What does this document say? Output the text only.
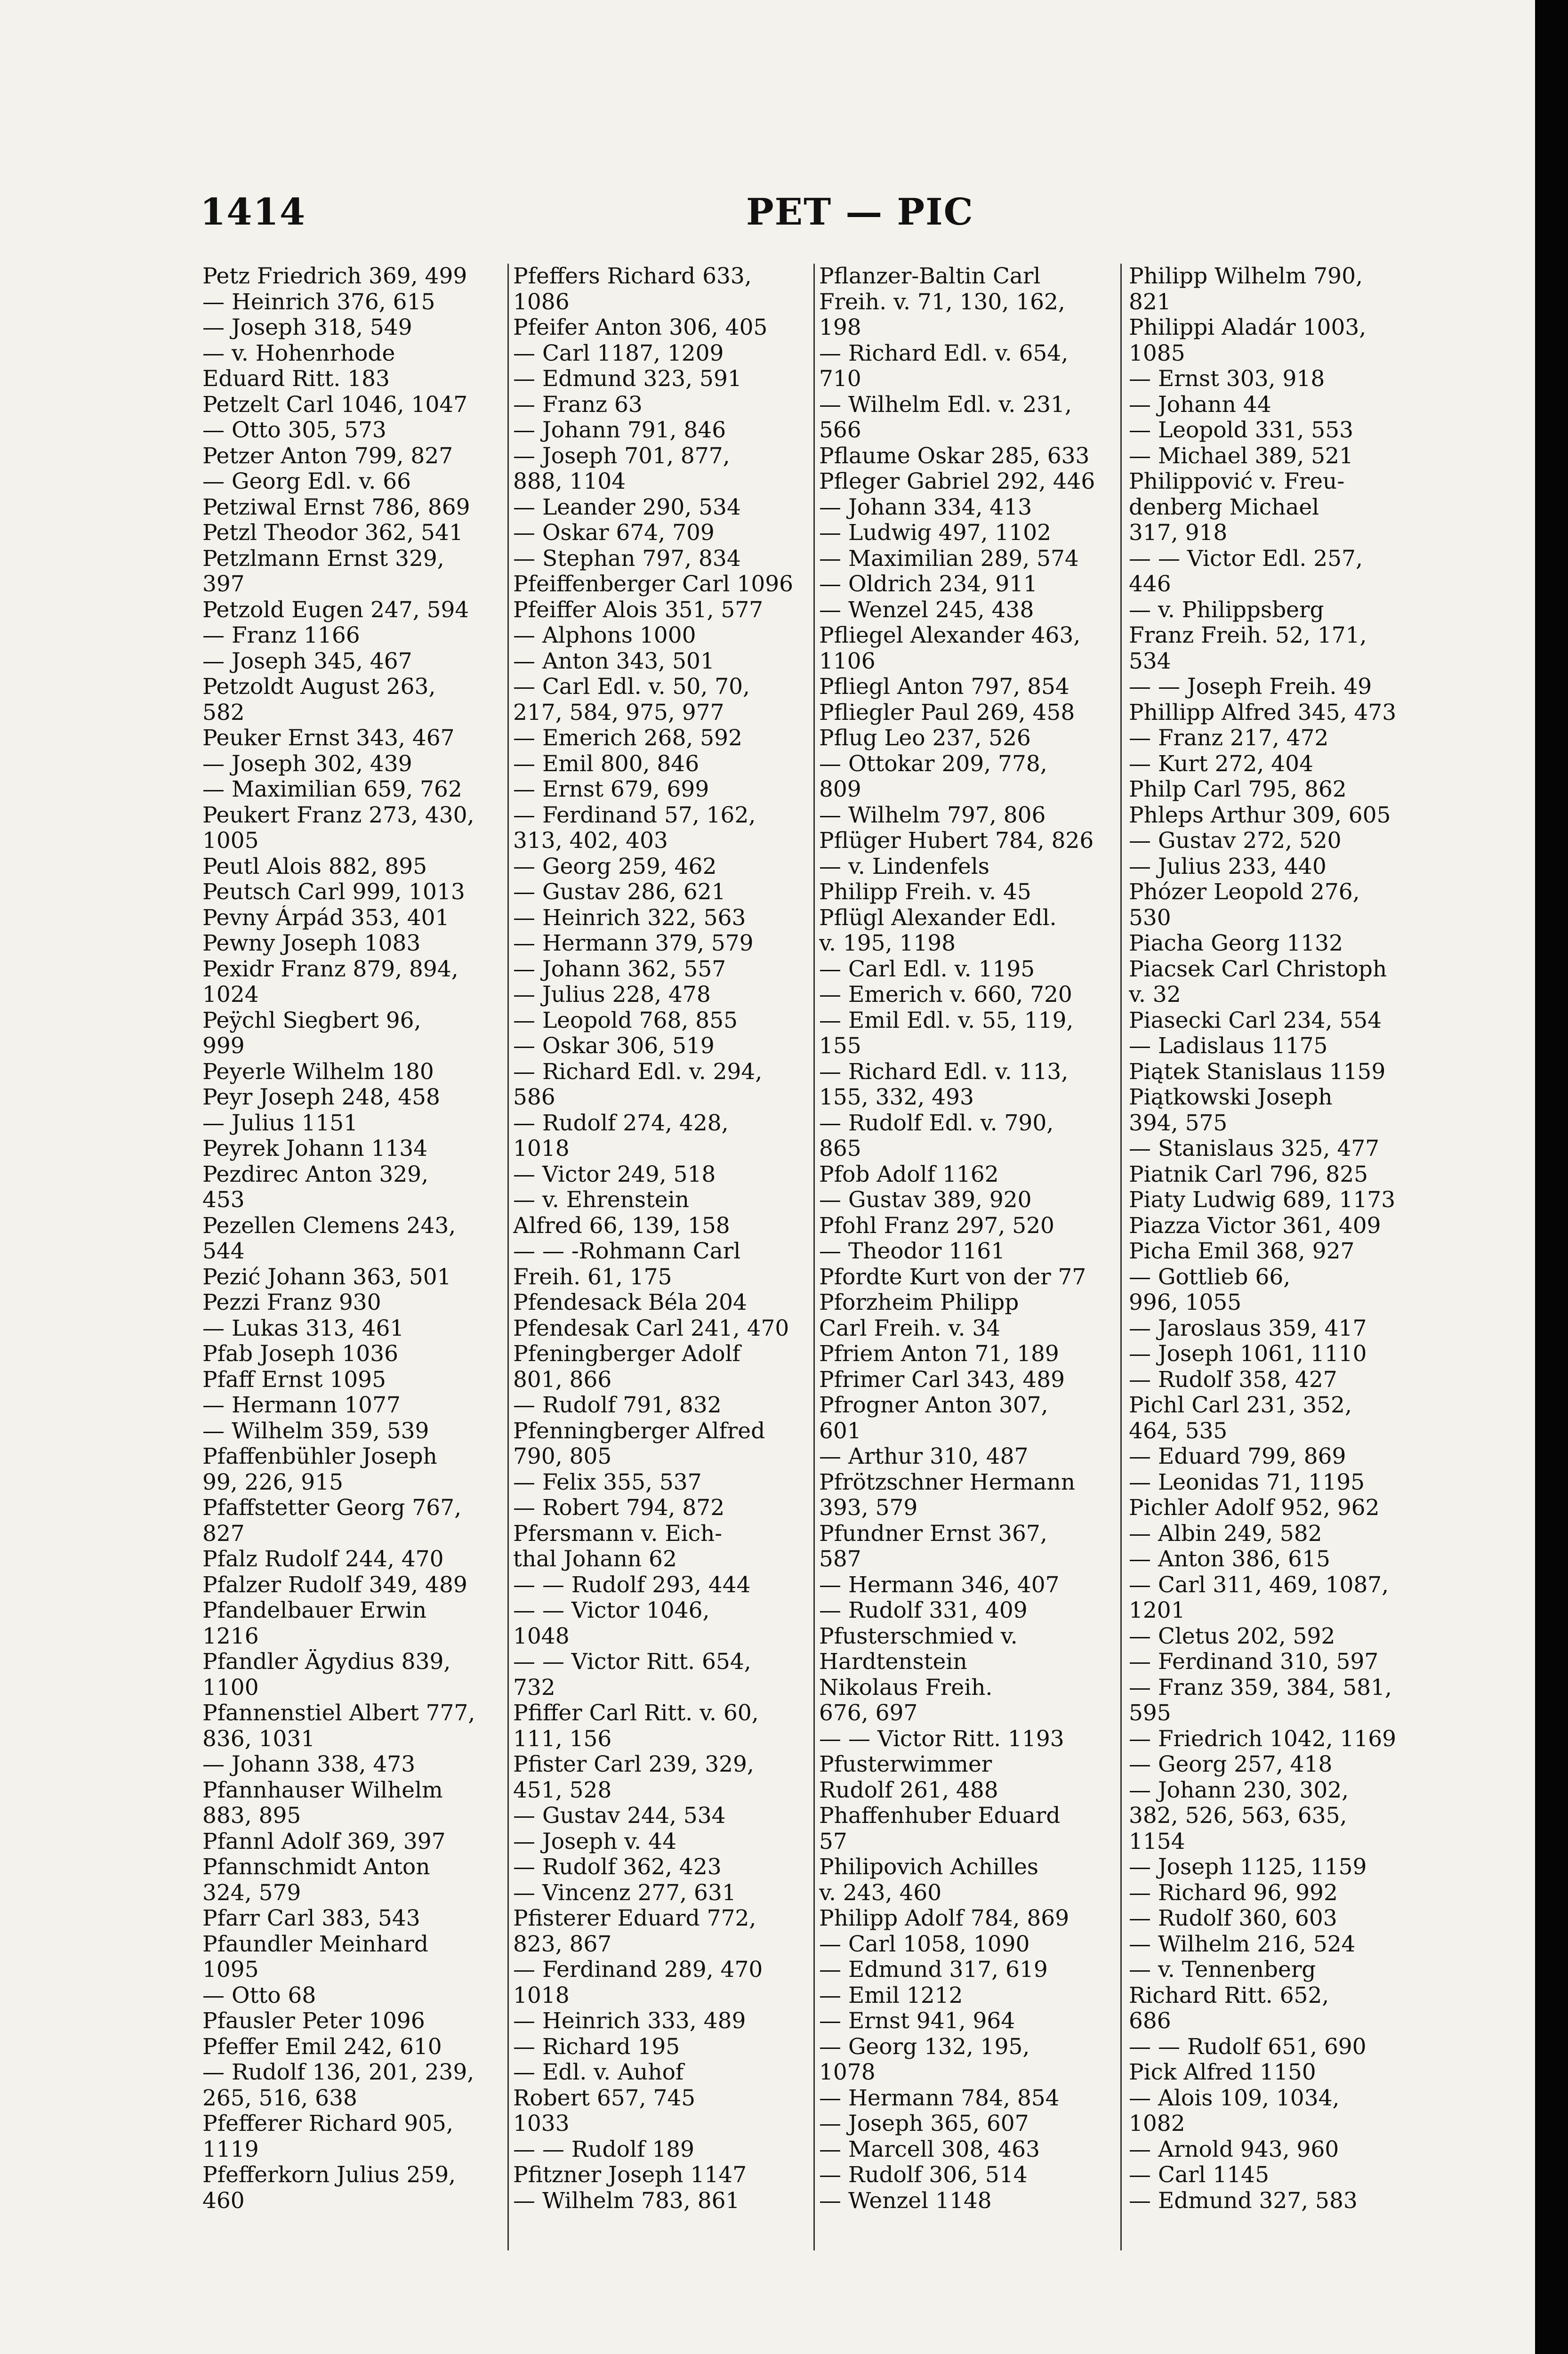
1414	PET — PIC
Petz Friedrich 369, 499
— Heinrich 376, 615
— Joseph 318, 549
— v. Hohenrhode
Eduard Ritt. 183
Petzelt Carl 1046, 1047
— Otto 305, 573
Petzer Anton 799, 827
— Georg Edl. v. 66
Petziwal Ernst 786, 869
Petzl Theodor 362, 541
Petzlmann Ernst 329,
397
Petzold Eugen 247, 594
— Franz 1166
— Joseph 345, 467
Petzoldt August 263,
582
Peuker Ernst 343, 467
— Joseph 302, 439
— Maximilian 659, 762
Peukert Franz 273, 430,
1005
Peutl Alois 882, 895
Peutsch Carl 999, 1013
Pevny Árpád 353, 401
Pewny Joseph 1083
Pexidr Franz 879, 894,
1024
Peÿchl Siegbert 96,
999
Peyerle Wilhelm 180
Peyr Joseph 248, 458
— Julius 1151
Peyrek Johann 1134
Pezdirec Anton 329,
453
Pezellen Clemens 243,
544
Pezić Johann 363, 501
Pezzi Franz 930
— Lukas 313, 461
Pfab Joseph 1036
Pfaff Ernst 1095
— Hermann 1077
— Wilhelm 359, 539
Pfaffenbühler Joseph
99, 226, 915
Pfaffstetter Georg 767,
827
Pfalz Rudolf 244, 470
Pfalzer Rudolf 349, 489
Pfandelbauer Erwin
1216
Pfandler Ägydius 839,
1100
Pfannenstiel Albert 777,
836, 1031
— Johann 338, 473
Pfannhauser Wilhelm
883, 895
Pfannl Adolf 369, 397
Pfannschmidt Anton
324, 579
Pfarr Carl 383, 543
Pfaundler Meinhard
1095
— Otto 68
Pfausler Peter 1096
Pfeffer Emil 242, 610
— Rudolf 136, 201, 239,
265, 516, 638
Pfefferer Richard 905,
1119
Pfefferkorn Julius 259,
460
Pfeffers Richard 633,
1086
Pfeifer Anton 306, 405
— Carl 1187, 1209
— Edmund 323, 591
— Franz 63
— Johann 791, 846
— Joseph 701, 877,
888, 1104
— Leander 290, 534
— Oskar 674, 709
— Stephan 797, 834
Pfeiffenberger Carl 1096
Pfeiffer Alois 351, 577
— Alphons 1000
— Anton 343, 501
— Carl Edl. v. 50, 70,
217, 584, 975, 977
— Emerich 268, 592
— Emil 800, 846
— Ernst 679, 699
— Ferdinand 57, 162,
313, 402, 403
— Georg 259, 462
— Gustav 286, 621
— Heinrich 322, 563
— Hermann 379, 579
— Johann 362, 557
— Julius 228, 478
— Leopold 768, 855
— Oskar 306, 519
— Richard Edl. v. 294,
586
— Rudolf 274, 428,
1018
— Victor 249, 518
— v. Ehrenstein
Alfred 66, 139, 158
— — -Rohmann Carl
Freih. 61, 175
Pfendesack Béla 204
Pfendesak Carl 241, 470
Pfeningberger Adolf
801, 866
— Rudolf 791, 832
Pfenningberger Alfred
790, 805
— Felix 355, 537
— Robert 794, 872
Pfersmann v. Eich-
thal Johann 62
— — Rudolf 293, 444
— — Victor 1046,
1048
— — Victor Ritt. 654,
732
Pfiffer Carl Ritt. v. 60,
111, 156
Pfister Carl 239, 329,
451, 528
— Gustav 244, 534
— Joseph v. 44
— Rudolf 362, 423
— Vincenz 277, 631
Pfisterer Eduard 772,
823, 867
— Ferdinand 289, 470
1018
— Heinrich 333, 489
— Richard 195
— Edl. v. Auhof
Robert 657, 745
1033
— — Rudolf 189
Pfitzner Joseph 1147
— Wilhelm 783, 861
Pflanzer-Baltin Carl
Freih. v. 71, 130, 162,
198
— Richard Edl. v. 654,
710
— Wilhelm Edl. v. 231,
566
Pflaume Oskar 285, 633
Pfleger Gabriel 292, 446
— Johann 334, 413
— Ludwig 497, 1102
— Maximilian 289, 574
— Oldrich 234, 911
— Wenzel 245, 438
Pfliegel Alexander 463,
1106
Pfliegl Anton 797, 854
Pfliegler Paul 269, 458
Pflug Leo 237, 526
— Ottokar 209, 778,
809
— Wilhelm 797, 806
Pflüger Hubert 784, 826
— v. Lindenfels
Philipp Freih. v. 45
Pflügl Alexander Edl.
v. 195, 1198
— Carl Edl. v. 1195
— Emerich v. 660, 720
— Emil Edl. v. 55, 119,
155
— Richard Edl. v. 113,
155, 332, 493
— Rudolf Edl. v. 790,
865
Pfob Adolf 1162
— Gustav 389, 920
Pfohl Franz 297, 520
— Theodor 1161
Pfordte Kurt von der 77
Pforzheim Philipp
Carl Freih. v. 34
Pfriem Anton 71, 189
Pfrimer Carl 343, 489
Pfrogner Anton 307,
601
— Arthur 310, 487
Pfrötzschner Hermann
393, 579
Pfundner Ernst 367,
587
— Hermann 346, 407
— Rudolf 331, 409
Pfusterschmied v.
Hardtenstein
Nikolaus Freih.
676, 697
— — Victor Ritt. 1193
Pfusterwimmer
Rudolf 261, 488
Phaffenhuber Eduard
57
Philipovich Achilles
v. 243, 460
Philipp Adolf 784, 869
— Carl 1058, 1090
— Edmund 317, 619
— Emil 1212
— Ernst 941, 964
— Georg 132, 195,
1078
— Hermann 784, 854
— Joseph 365, 607
— Marcell 308, 463
— Rudolf 306, 514
— Wenzel 1148
Philipp Wilhelm 790,
821
Philippi Aladár 1003,
1085
— Ernst 303, 918
— Johann 44
— Leopold 331, 553
— Michael 389, 521
Philippović v. Freu-
denberg Michael
317, 918
— — Victor Edl. 257,
446
— v. Philippsberg
Franz Freih. 52, 171,
534
— — Joseph Freih. 49
Phillipp Alfred 345, 473
— Franz 217, 472
— Kurt 272, 404
Philp Carl 795, 862
Phleps Arthur 309, 605
— Gustav 272, 520
— Julius 233, 440
Phózer Leopold 276,
530
Piacha Georg 1132
Piacsek Carl Christoph
v. 32
Piasecki Carl 234, 554
— Ladislaus 1175
Piątek Stanislaus 1159
Piątkowski Joseph
394, 575
— Stanislaus 325, 477
Piatnik Carl 796, 825
Piaty Ludwig 689, 1173
Piazza Victor 361, 409
Picha Emil 368, 927
— Gottlieb 66,
996, 1055
— Jaroslaus 359, 417
— Joseph 1061, 1110
— Rudolf 358, 427
Pichl Carl 231, 352,
464, 535
— Eduard 799, 869
— Leonidas 71, 1195
Pichler Adolf 952, 962
— Albin 249, 582
— Anton 386, 615
— Carl 311, 469, 1087,
1201
— Cletus 202, 592
— Ferdinand 310, 597
— Franz 359, 384, 581,
595
— Friedrich 1042, 1169
— Georg 257, 418
— Johann 230, 302,
382, 526, 563, 635,
1154
— Joseph 1125, 1159
— Richard 96, 992
— Rudolf 360, 603
— Wilhelm 216, 524
— v. Tennenberg
Richard Ritt. 652,
686
— — Rudolf 651, 690
Pick Alfred 1150
— Alois 109, 1034,
1082
— Arnold 943, 960
— Carl 1145
— Edmund 327, 583
